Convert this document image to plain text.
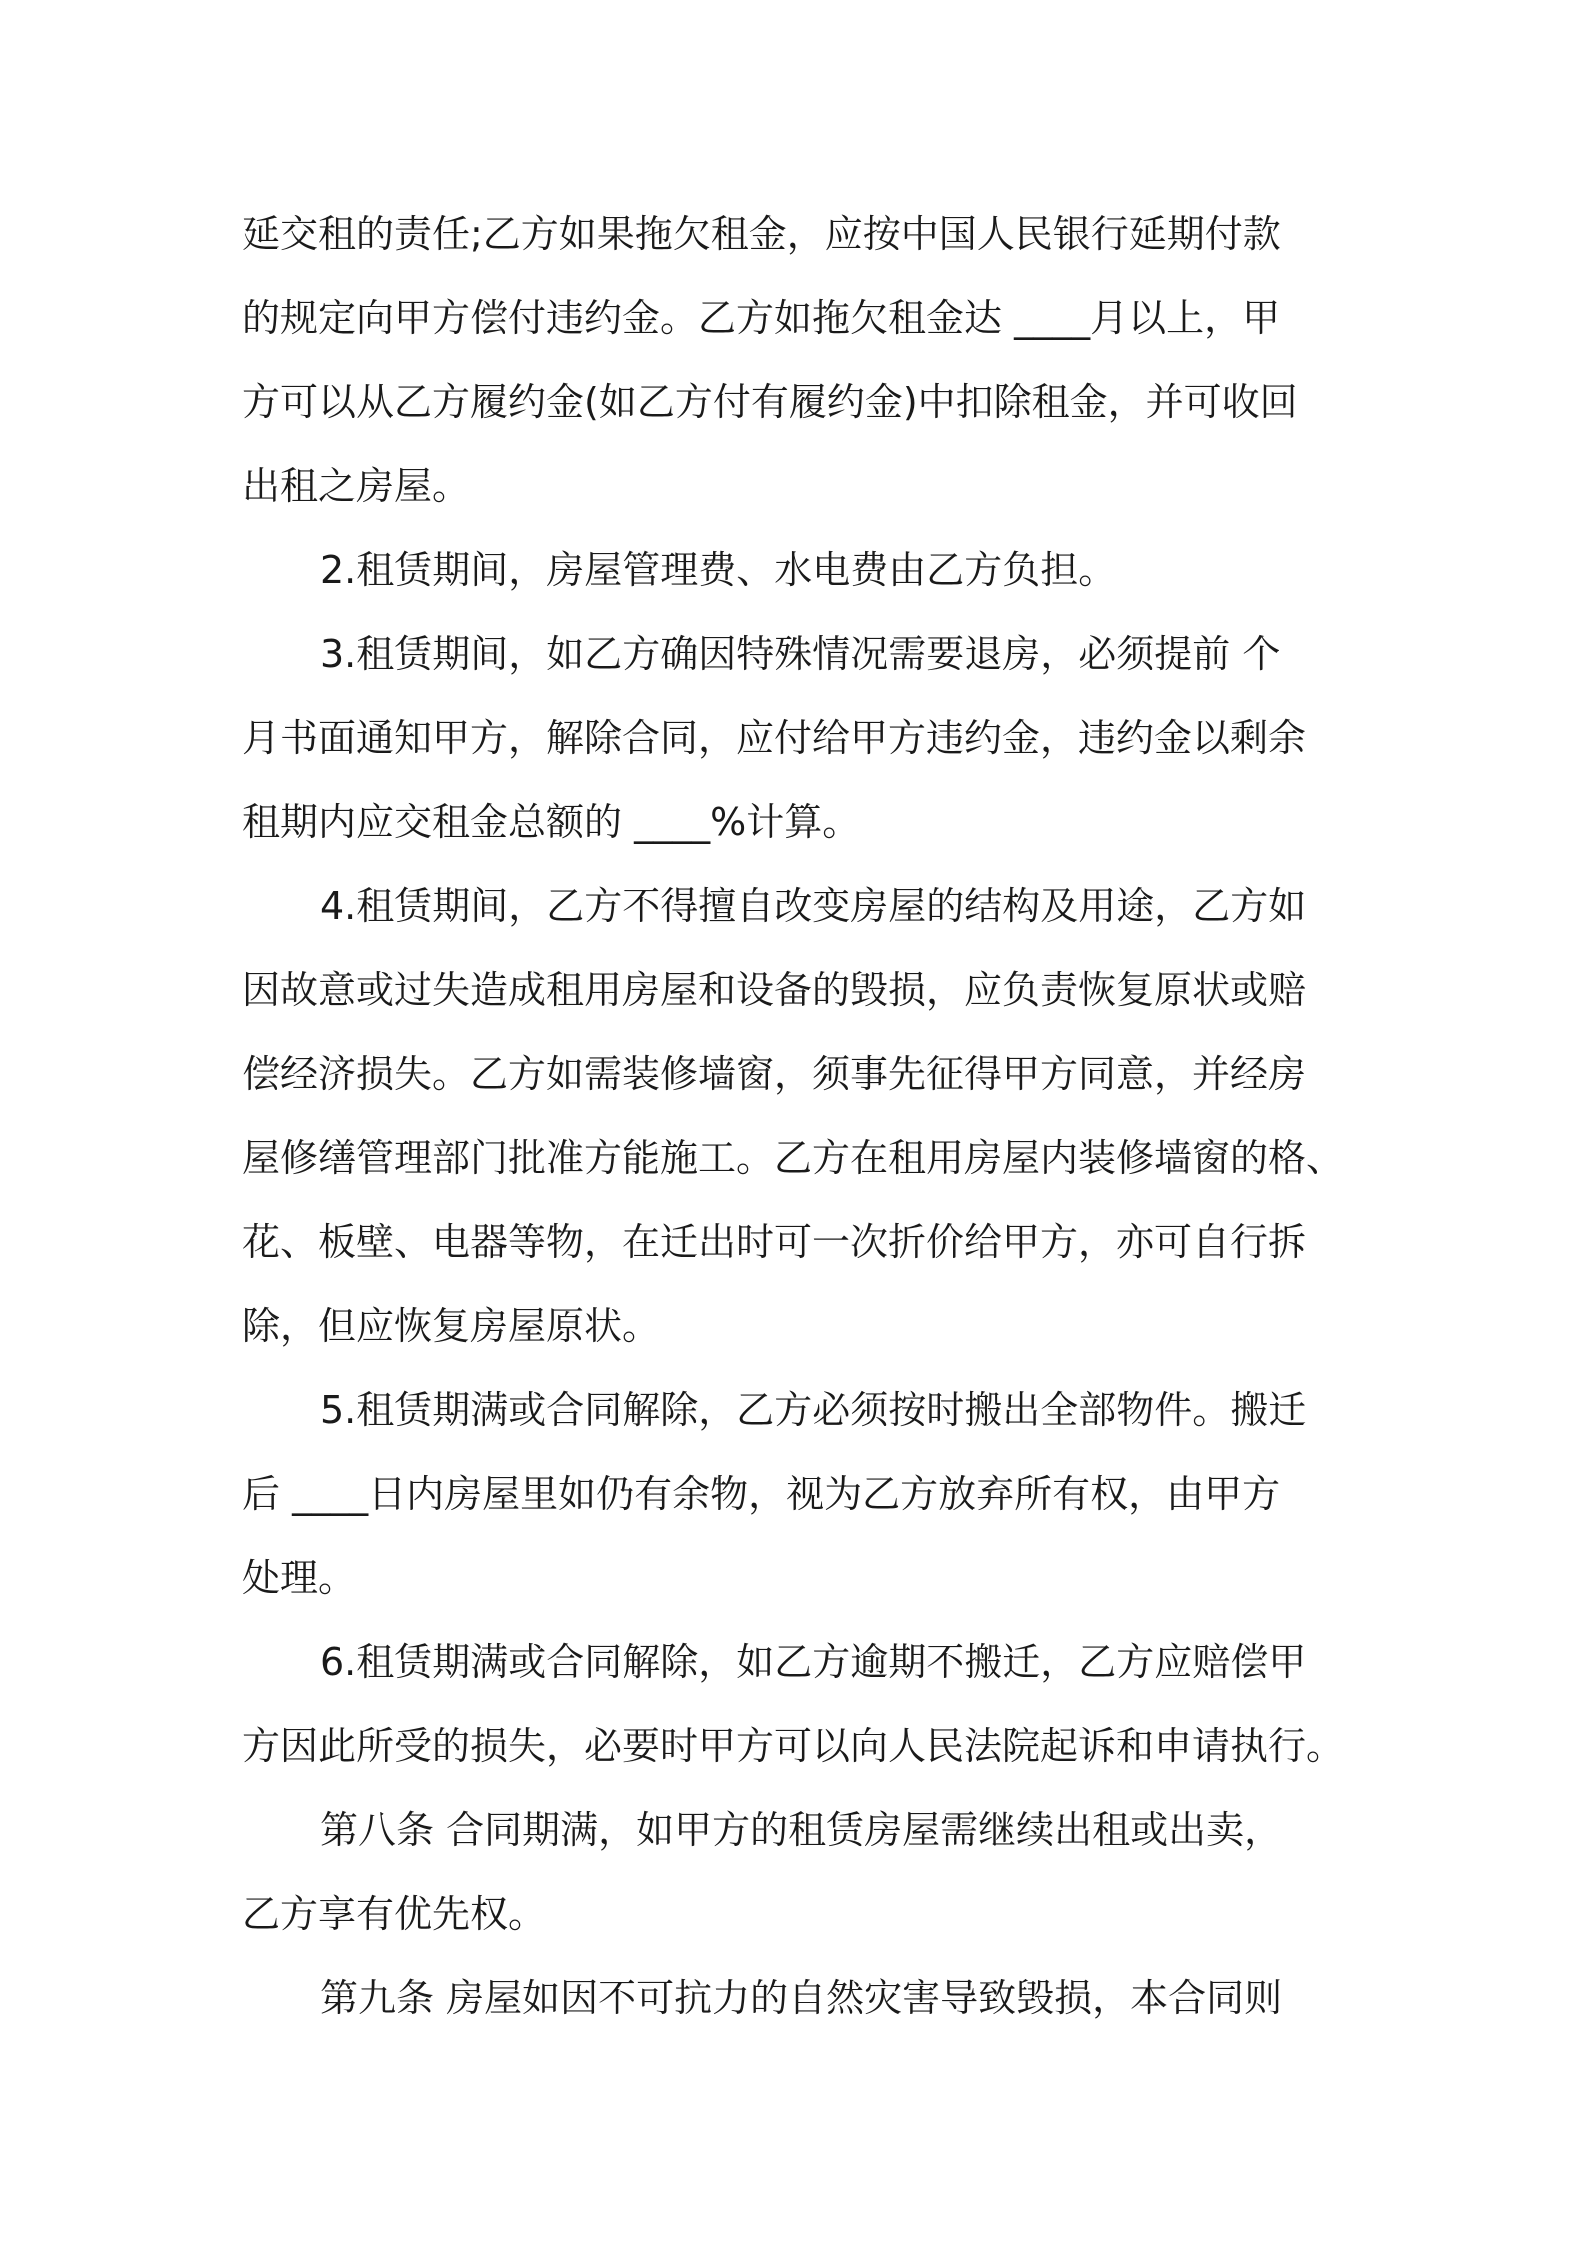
延交租的责任;乙方如果拖欠租金，应按中国人民银行延期付款
的规定向甲方偿付违约金。乙方如拖欠租金达 ____月以上，甲
方可以从乙方履约金(如乙方付有履约金)中扣除租金，并可收回
出租之房屋。
2.租赁期间，房屋管理费、水电费由乙方负担。
3.租赁期间，如乙方确因特殊情况需要退房，必须提前 个
月书面通知甲方，解除合同，应付给甲方违约金，违约金以剩余
租期内应交租金总额的 ____%计算。
4.租赁期间，乙方不得擅自改变房屋的结构及用途，乙方如
因故意或过失造成租用房屋和设备的毁损，应负责恢复原状或赔
偿经济损失。乙方如需装修墙窗，须事先征得甲方同意，并经房
屋修缮管理部门批准方能施工。乙方在租用房屋内装修墙窗的格、
花、板壁、电器等物，在迁出时可一次折价给甲方，亦可自行拆
除，但应恢复房屋原状。
5.租赁期满或合同解除，乙方必须按时搬出全部物件。搬迁
后 ____日内房屋里如仍有余物，视为乙方放弃所有权，由甲方
处理。
6.租赁期满或合同解除，如乙方逾期不搬迁，乙方应赔偿甲
方因此所受的损失，必要时甲方可以向人民法院起诉和申请执行。
第八条 合同期满，如甲方的租赁房屋需继续出租或出卖，
乙方享有优先权。
第九条 房屋如因不可抗力的自然灾害导致毁损，本合同则
